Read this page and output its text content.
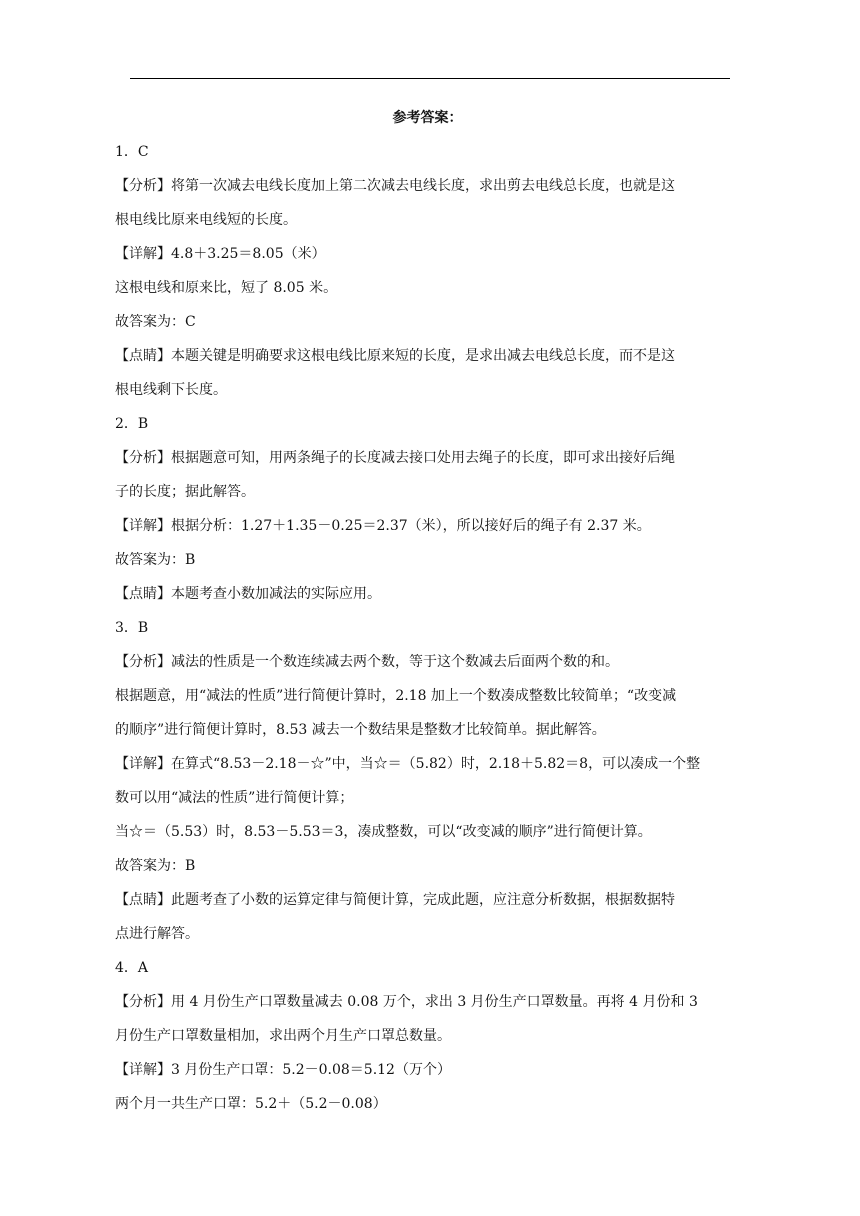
参考答案：
1．C
【分析】将第一次减去电线长度加上第二次减去电线长度，求出剪去电线总长度，也就是这
根电线比原来电线短的长度。
【详解】4.8＋3.25＝8.05（米）
这根电线和原来比，短了 8.05 米。
故答案为：C
【点睛】本题关键是明确要求这根电线比原来短的长度，是求出减去电线总长度，而不是这
根电线剩下长度。
2．B
【分析】根据题意可知，用两条绳子的长度减去接口处用去绳子的长度，即可求出接好后绳
子的长度；据此解答。
【详解】根据分析：1.27＋1.35－0.25＝2.37（米），所以接好后的绳子有 2.37 米。
故答案为：B
【点睛】本题考查小数加减法的实际应用。
3．B
【分析】减法的性质是一个数连续减去两个数，等于这个数减去后面两个数的和。
根据题意，用“减法的性质”进行简便计算时，2.18 加上一个数凑成整数比较简单；“改变减
的顺序”进行简便计算时，8.53 减去一个数结果是整数才比较简单。据此解答。
【详解】在算式“8.53－2.18－☆”中，当☆＝（5.82）时，2.18＋5.82＝8，可以凑成一个整
数可以用“减法的性质”进行简便计算；
当☆＝（5.53）时，8.53－5.53＝3，凑成整数，可以“改变减的顺序”进行简便计算。
故答案为：B
【点睛】此题考查了小数的运算定律与简便计算，完成此题，应注意分析数据，根据数据特
点进行解答。
4．A
【分析】用 4 月份生产口罩数量减去 0.08 万个，求出 3 月份生产口罩数量。再将 4 月份和 3
月份生产口罩数量相加，求出两个月生产口罩总数量。
【详解】3 月份生产口罩：5.2－0.08＝5.12（万个）
两个月一共生产口罩：5.2＋（5.2－0.08）
